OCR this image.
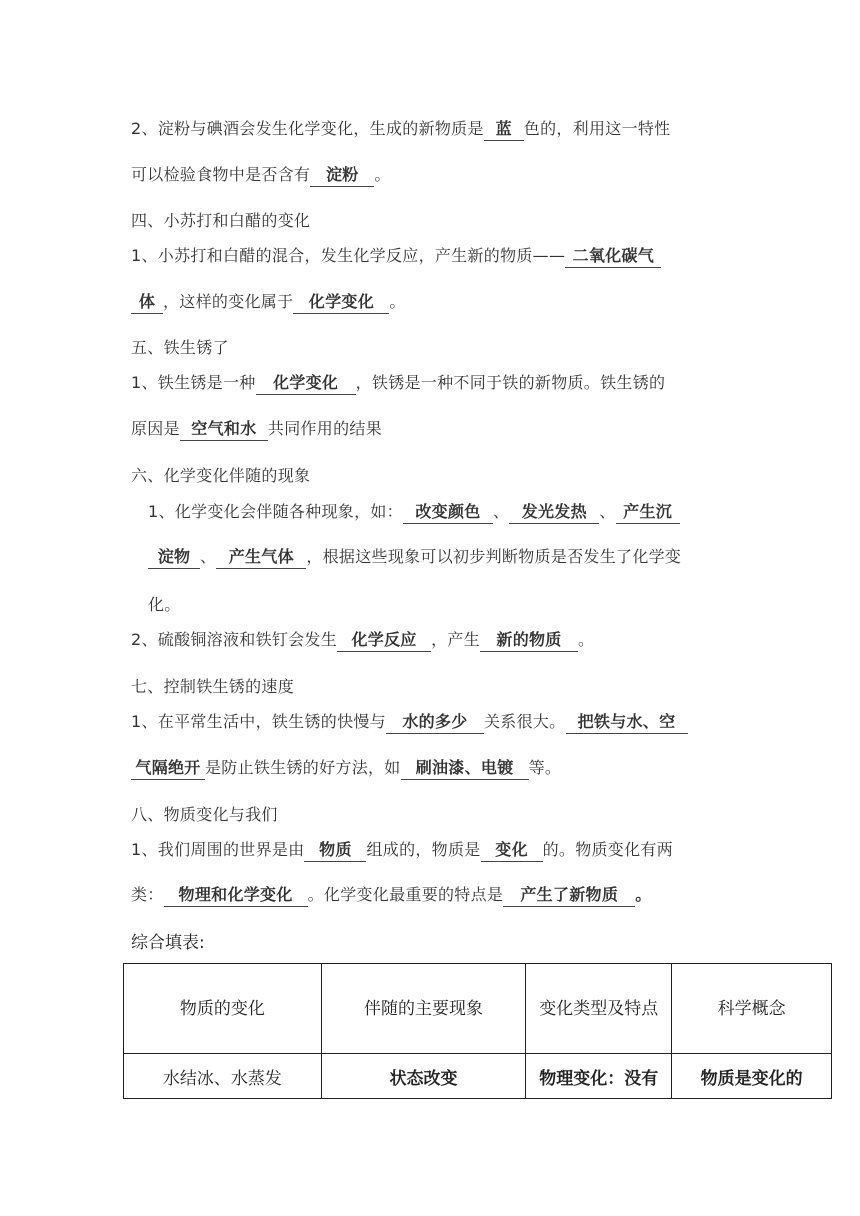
2、淀粉与碘酒会发生化学变化，生成的新物质是 蓝 色的，利用这一特性
可以检验食物中是否含有 淀粉 。
四、小苏打和白醋的变化
1、小苏打和白醋的混合，发生化学反应，产生新的物质—— 二氧化碳气
体 ，这样的变化属于 化学变化 。
五、铁生锈了
1、铁生锈是一种 化学变化 ，铁锈是一种不同于铁的新物质。铁生锈的
原因是 空气和水 共同作用的结果
六、化学变化伴随的现象
1、化学变化会伴随各种现象，如： 改变颜色 、 发光发热 、 产生沉
淀物 、 产生气体 ，根据这些现象可以初步判断物质是否发生了化学变
化。
2、硫酸铜溶液和铁钉会发生 化学反应 ，产生 新的物质 。
七、控制铁生锈的速度
1、在平常生活中，铁生锈的快慢与 水的多少 关系很大。 把铁与水、空
气隔绝开 是防止铁生锈的好方法，如 刷油漆、电镀 等。
八、物质变化与我们
1、我们周围的世界是由 物质 组成的，物质是 变化 的。物质变化有两
类： 物理和化学变化 。化学变化最重要的特点是 产生了新物质 。
综合填表:
物质的变化	伴随的主要现象	变化类型及特点	科学概念
水结冰、水蒸发	状态改变	物理变化：没有	物质是变化的
